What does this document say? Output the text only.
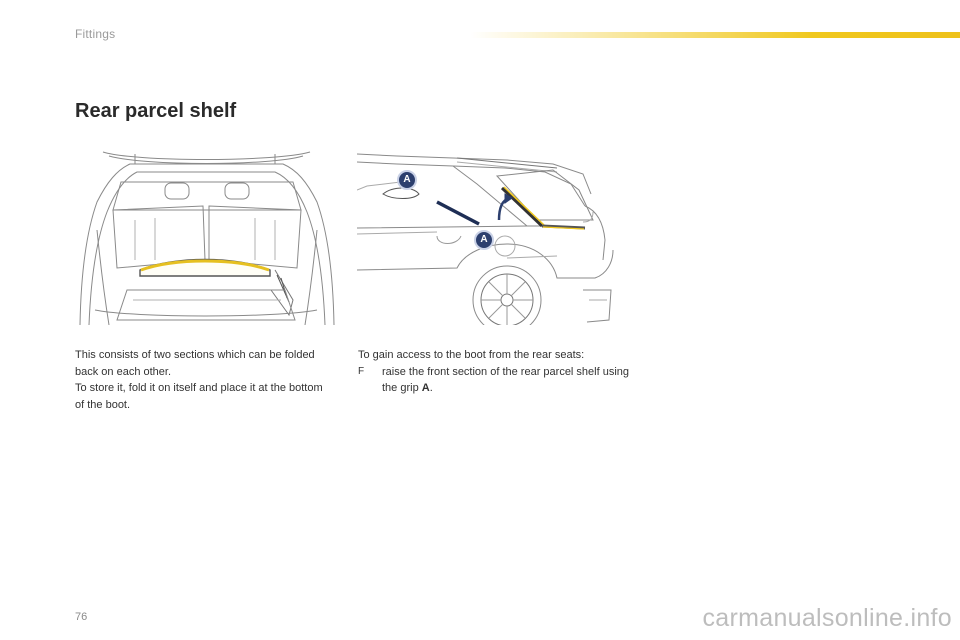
Fittings
Rear parcel shelf
A
A

This consists of two sections which can be folded back on each other.

To store it, fold it on itself and place it at the bottom of the boot.

To gain access to the boot from the rear seats:

F	raise the front section of the rear parcel shelf using the grip A.
76	carmanualsonline.info
